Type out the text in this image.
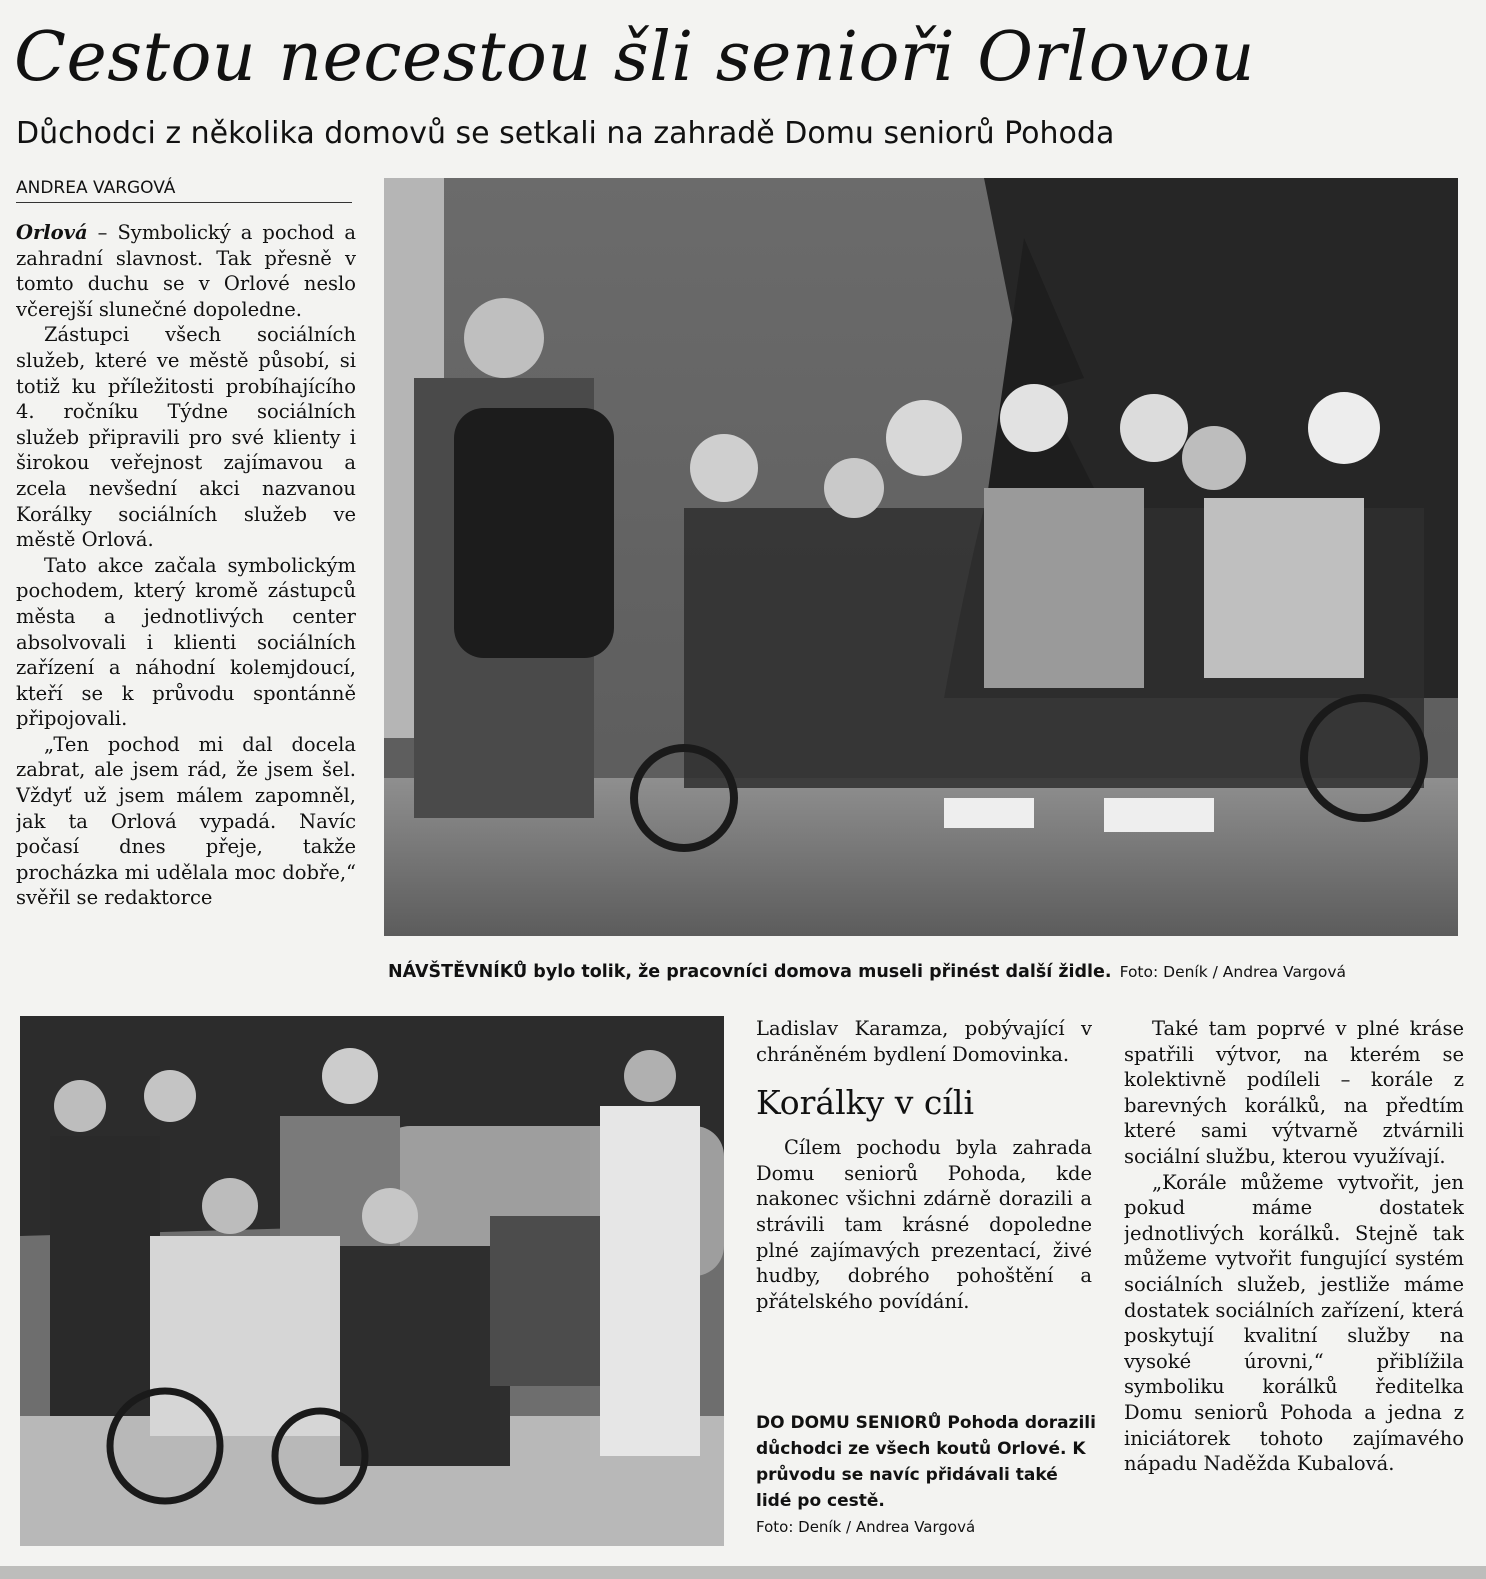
Cestou necestou šli senioři Orlovou
Důchodci z několika domovů se setkali na zahradě Domu seniorů Pohoda
ANDREA VARGOVÁ

Orlová – Symbolický a pochod a zahradní slavnost. Tak přesně v tomto duchu se v Orlové neslo včerejší slunečné dopoledne.

Zástupci všech sociálních služeb, které ve městě působí, si totiž ku příležitosti probíhajícího 4. ročníku Týdne sociálních služeb připravili pro své klienty i širokou veřejnost zajímavou a zcela nevšední akci nazvanou Korálky sociálních služeb ve městě Orlová.

Tato akce začala symbolickým pochodem, který kromě zástupců města a jednotlivých center absolvovali i klienti sociálních zařízení a náhodní kolemjdoucí, kteří se k průvodu spontánně připojovali.

„Ten pochod mi dal docela zabrat, ale jsem rád, že jsem šel. Vždyť už jsem málem zapomněl, jak ta Orlová vypadá. Navíc počasí dnes přeje, takže procházka mi udělala moc dobře,“ svěřil se redaktorce

NÁVŠTĚVNÍKŮ bylo tolik, že pracovníci domova museli přinést další židle. Foto: Deník / Andrea Vargová

Ladislav Karamza, pobývající v chráněném bydlení Domovinka.

Korálky v cíli

Cílem pochodu byla zahrada Domu seniorů Pohoda, kde nakonec všichni zdárně dorazili a strávili tam krásné dopoledne plné zajímavých prezentací, živé hudby, dobrého pohoštění a přátelského povídání.

DO DOMU SENIORŮ Pohoda dorazili důchodci ze všech koutů Orlové. K průvodu se navíc přidávali také lidé po cestě.
Foto: Deník / Andrea Vargová

Také tam poprvé v plné kráse spatřili výtvor, na kterém se kolektivně podíleli – korále z barevných korálků, na předtím které sami výtvarně ztvárnili sociální službu, kterou využívají.

„Korále můžeme vytvořit, jen pokud máme dostatek jednotlivých korálků. Stejně tak můžeme vytvořit fungující systém sociálních služeb, jestliže máme dostatek sociálních zařízení, která poskytují kvalitní služby na vysoké úrovni,“ přiblížila symboliku korálků ředitelka Domu seniorů Pohoda a jedna z iniciátorek tohoto zajímavého nápadu Naděžda Kubalová.
